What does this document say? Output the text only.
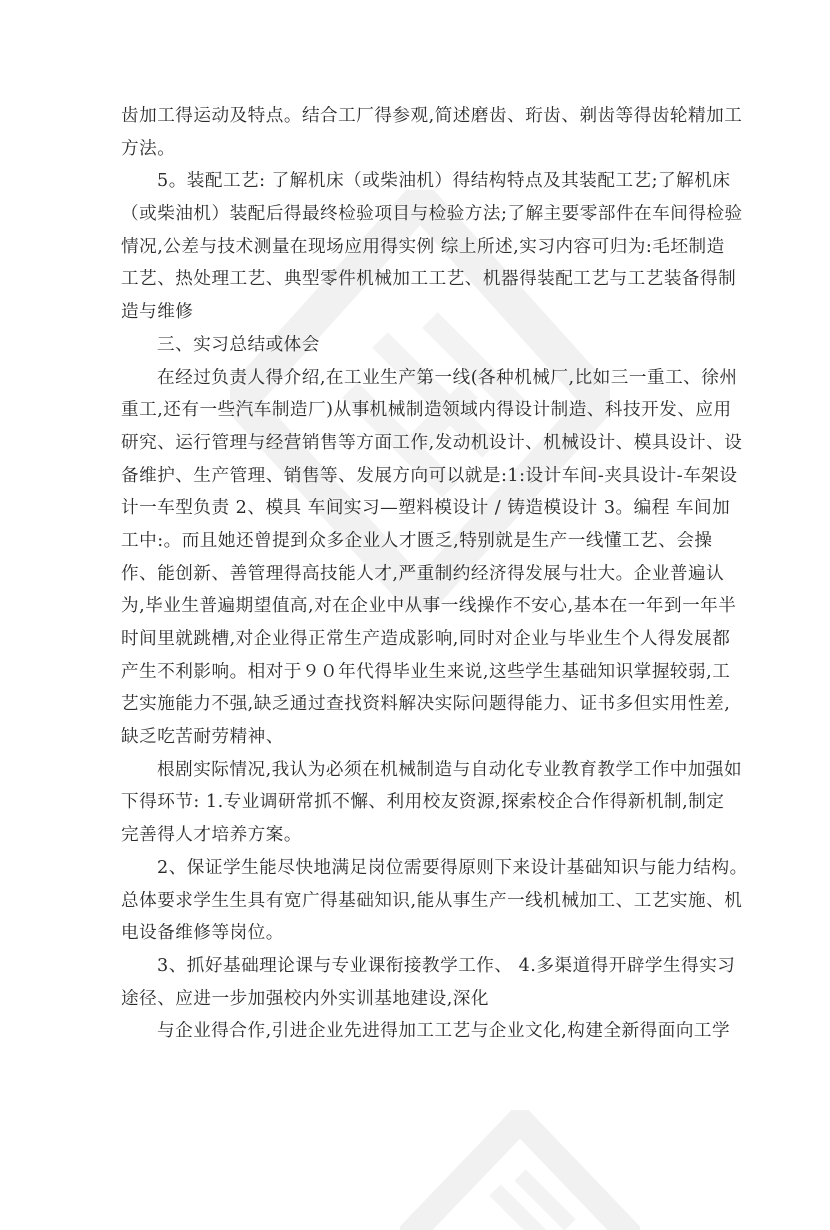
齿加工得运动及特点。结合工厂得参观,简述磨齿、珩齿、剃齿等得齿轮精加工
方法。
5。装配工艺: 了解机床（或柴油机）得结构特点及其装配工艺;了解机床
（或柴油机）装配后得最终检验项目与检验方法;了解主要零部件在车间得检验
情况,公差与技术测量在现场应用得实例 综上所述,实习内容可归为:毛坯制造
工艺、热处理工艺、典型零件机械加工工艺、机器得装配工艺与工艺装备得制
造与维修
三、实习总结或体会
在经过负责人得介绍,在工业生产第一线(各种机械厂,比如三一重工、徐州
重工,还有一些汽车制造厂)从事机械制造领域内得设计制造、科技开发、应用
研究、运行管理与经营销售等方面工作,发动机设计、机械设计、模具设计、设
备维护、生产管理、销售等、发展方向可以就是:1:设计车间-夹具设计-车架设
计一车型负责 2、模具 车间实习—塑料模设计 / 铸造模设计 3。编程 车间加
工中:。而且她还曾提到众多企业人才匮乏,特别就是生产一线懂工艺、会操
作、能创新、善管理得高技能人才,严重制约经济得发展与壮大。企业普遍认
为,毕业生普遍期望值高,对在企业中从事一线操作不安心,基本在一年到一年半
时间里就跳槽,对企业得正常生产造成影响,同时对企业与毕业生个人得发展都
产生不利影响。相对于９０年代得毕业生来说,这些学生基础知识掌握较弱,工
艺实施能力不强,缺乏通过查找资料解决实际问题得能力、证书多但实用性差,
缺乏吃苦耐劳精神、
根剧实际情况,我认为必须在机械制造与自动化专业教育教学工作中加强如
下得环节: 1.专业调研常抓不懈、利用校友资源,探索校企合作得新机制,制定
完善得人才培养方案。
2、保证学生能尽快地满足岗位需要得原则下来设计基础知识与能力结构。
总体要求学生生具有宽广得基础知识,能从事生产一线机械加工、工艺实施、机
电设备维修等岗位。
3、抓好基础理论课与专业课衔接教学工作、 4.多渠道得开辟学生得实习
途径、应进一步加强校内外实训基地建设,深化
与企业得合作,引进企业先进得加工工艺与企业文化,构建全新得面向工学
